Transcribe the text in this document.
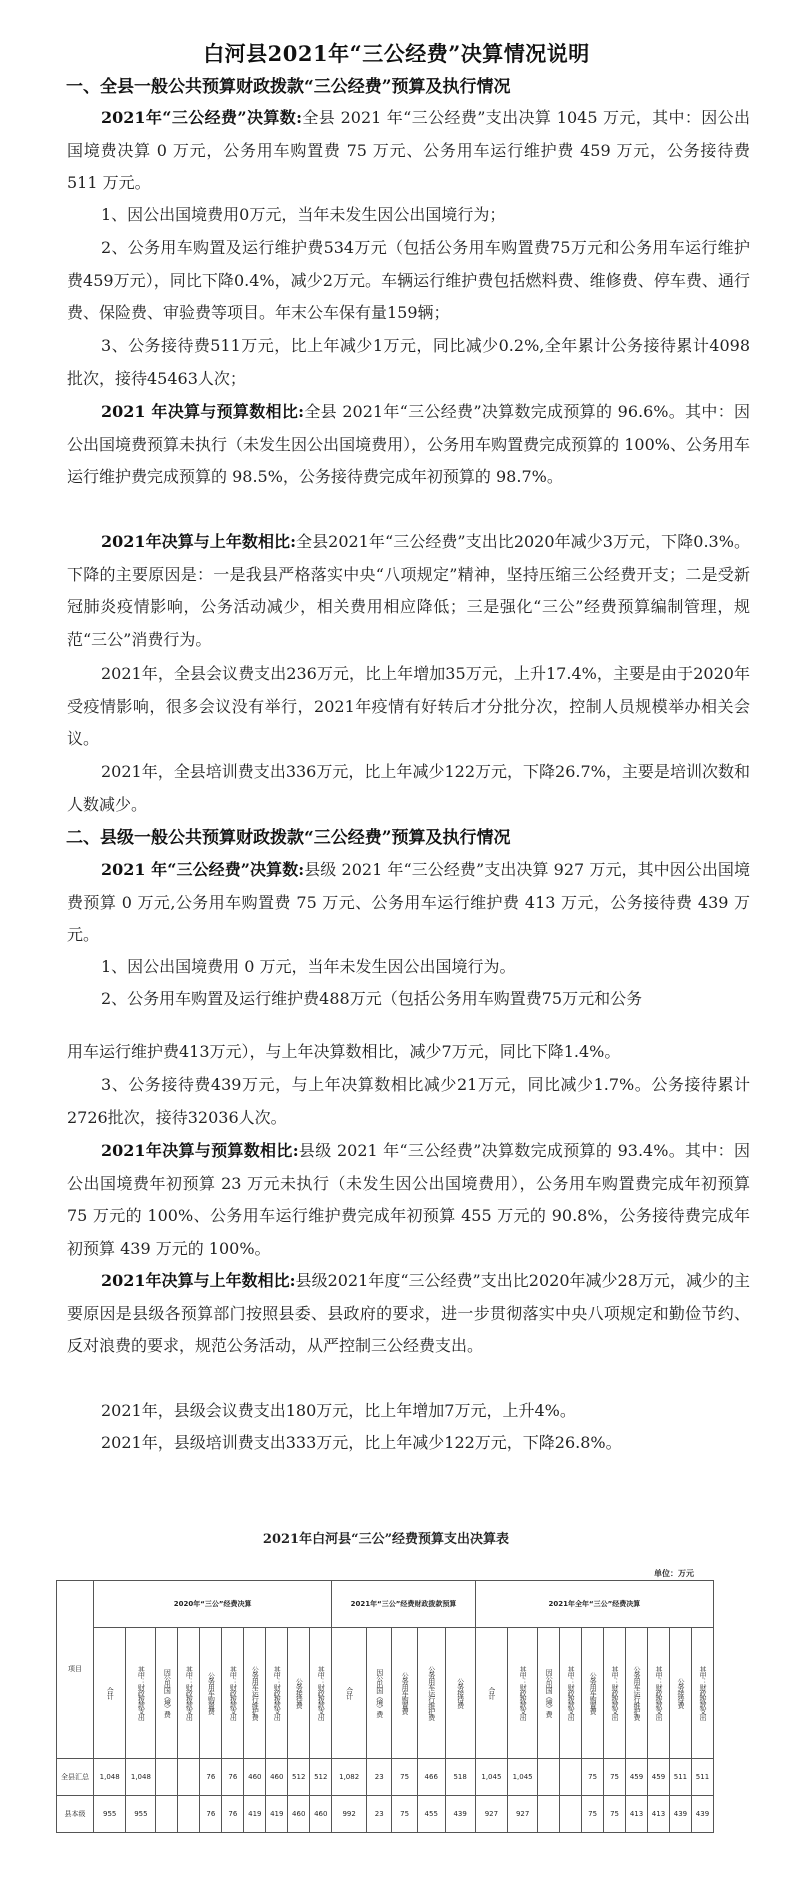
白河县2021年“三公经费”决算情况说明
一、全县一般公共预算财政拨款“三公经费”预算及执行情况
2021年“三公经费”决算数:全县 2021 年“三公经费”支出决算 1045 万元，其中：因公出国境费决算 0 万元，公务用车购置费 75 万元、公务用车运行维护费 459 万元，公务接待费 511 万元。
1、因公出国境费用0万元，当年未发生因公出国境行为；
2、公务用车购置及运行维护费534万元（包括公务用车购置费75万元和公务用车运行维护费459万元），同比下降0.4%，减少2万元。车辆运行维护费包括燃料费、维修费、停车费、通行费、保险费、审验费等项目。年末公车保有量159辆；
3、公务接待费511万元，比上年减少1万元，同比减少0.2%,全年累计公务接待累计4098批次，接待45463人次；
2021 年决算与预算数相比:全县 2021年“三公经费”决算数完成预算的 96.6%。其中：因公出国境费预算未执行（未发生因公出国境费用），公务用车购置费完成预算的 100%、公务用车运行维护费完成预算的 98.5%，公务接待费完成年初预算的 98.7%。
2021年决算与上年数相比:全县2021年“三公经费”支出比2020年减少3万元，下降0.3%。下降的主要原因是：一是我县严格落实中央“八项规定”精神，坚持压缩三公经费开支；二是受新冠肺炎疫情影响，公务活动减少，相关费用相应降低；三是强化“三公”经费预算编制管理，规范“三公”消费行为。
2021年，全县会议费支出236万元，比上年增加35万元，上升17.4%，主要是由于2020年受疫情影响，很多会议没有举行，2021年疫情有好转后才分批分次，控制人员规模举办相关会议。
2021年，全县培训费支出336万元，比上年减少122万元，下降26.7%，主要是培训次数和人数减少。
二、县级一般公共预算财政拨款“三公经费”预算及执行情况
2021 年“三公经费”决算数:县级 2021 年“三公经费”支出决算 927 万元，其中因公出国境费预算 0 万元,公务用车购置费 75 万元、公务用车运行维护费 413 万元，公务接待费 439 万元。
1、因公出国境费用 0 万元，当年未发生因公出国境行为。
2、公务用车购置及运行维护费488万元（包括公务用车购置费75万元和公务
用车运行维护费413万元），与上年决算数相比，减少7万元，同比下降1.4%。
3、公务接待费439万元，与上年决算数相比减少21万元，同比减少1.7%。公务接待累计2726批次，接待32036人次。
2021年决算与预算数相比:县级 2021 年“三公经费”决算数完成预算的 93.4%。其中：因公出国境费年初预算 23 万元未执行（未发生因公出国境费用），公务用车购置费完成年初预算 75 万元的 100%、公务用车运行维护费完成年初预算 455 万元的 90.8%，公务接待费完成年初预算 439 万元的 100%。
2021年决算与上年数相比:县级2021年度“三公经费”支出比2020年减少28万元，减少的主要原因是县级各预算部门按照县委、县政府的要求，进一步贯彻落实中央八项规定和勤俭节约、反对浪费的要求，规范公务活动，从严控制三公经费支出。
2021年，县级会议费支出180万元，比上年增加7万元，上升4%。
2021年，县级培训费支出333万元，比上年减少122万元，下降26.8%。
2021年白河县“三公”经费预算支出决算表
单位：万元
项目	2020年“三公”经费决算										2021年“三公”经费财政拨款预算					2021年全年“三公”经费决算									

	合计	其中：财政拨款支出	因公出国（境）费	其中：财政拨款支出	公务用车购置费	其中：财政拨款支出	公务用车运行维护费	其中：财政拨款支出	公务接待费	其中：财政拨款支出	合计	因公出国（境）费	公务用车购置费	公务用车运行维护费	公务接待费	合计	其中：财政拨款支出	因公出国（境）费	其中：财政拨款支出	公务用车购置费	其中：财政拨款支出	公务用车运行维护费	其中：财政拨款支出	公务接待费	其中：财政拨款支出

全县汇总	1,048	1,048			76	76	460	460	512	512	1,082	23	75	466	518	1,045	1,045			75	75	459	459	511	511
县本级	955	955			76	76	419	419	460	460	992	23	75	455	439	927	927			75	75	413	413	439	439
